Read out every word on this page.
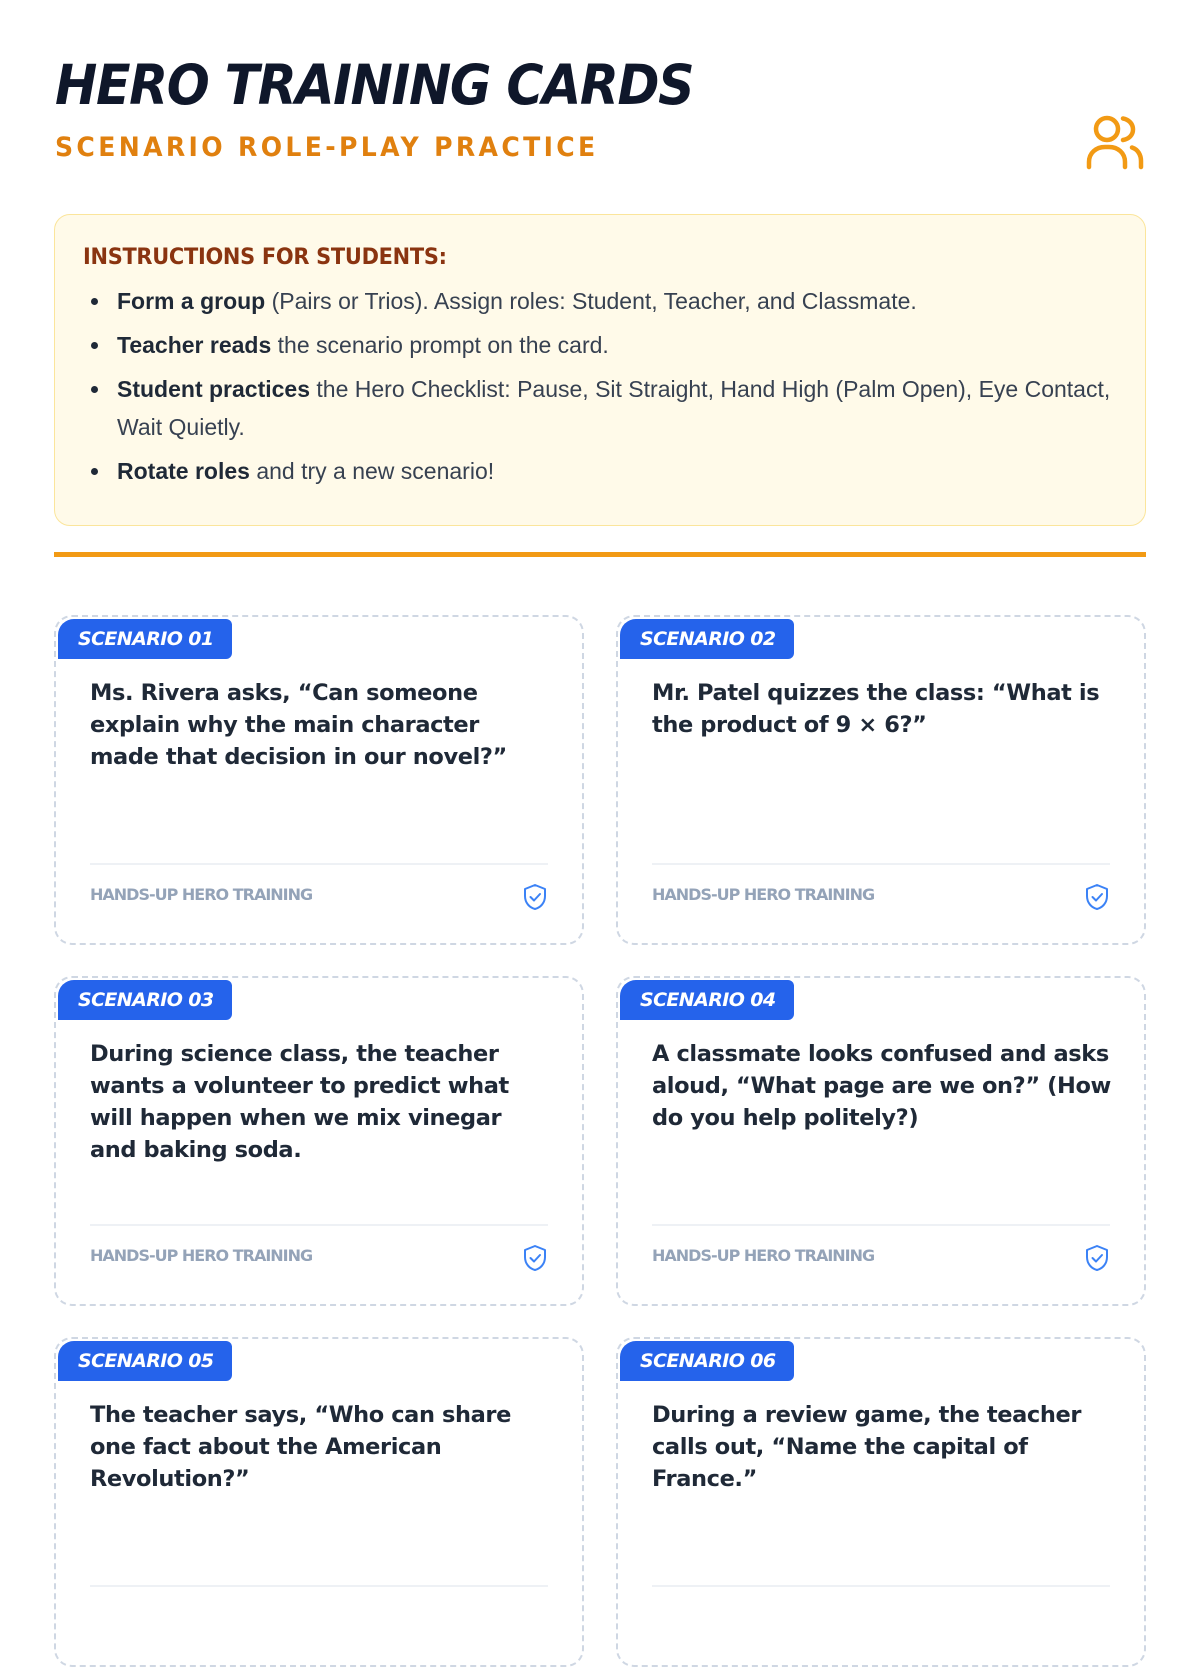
HERO TRAINING CARDS
SCENARIO ROLE-PLAY PRACTICE
INSTRUCTIONS FOR STUDENTS:
Form a group (Pairs or Trios). Assign roles: Student, Teacher, and Classmate.
Teacher reads the scenario prompt on the card.
Student practices the Hero Checklist: Pause, Sit Straight, Hand High (Palm Open), Eye Contact, Wait Quietly.
Rotate roles and try a new scenario!
SCENARIO 01
Ms. Rivera asks, “Can someone explain why the main character made that decision in our novel?”
HANDS-UP HERO TRAINING
SCENARIO 02
Mr. Patel quizzes the class: “What is the product of 9 × 6?”
HANDS-UP HERO TRAINING
SCENARIO 03
During science class, the teacher wants a volunteer to predict what will happen when we mix vinegar and baking soda.
HANDS-UP HERO TRAINING
SCENARIO 04
A classmate looks confused and asks aloud, “What page are we on?” (How do you help politely?)
HANDS-UP HERO TRAINING
SCENARIO 05
The teacher says, “Who can share one fact about the American Revolution?”
SCENARIO 06
During a review game, the teacher calls out, “Name the capital of France.”
